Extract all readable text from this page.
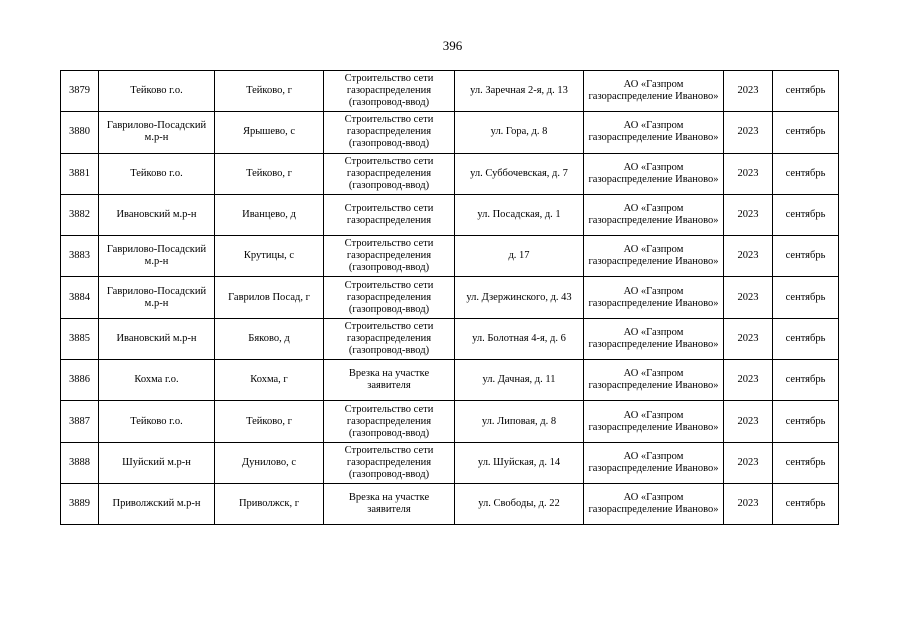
396
3879	Тейково г.о.	Тейково, г	Строительство сети газораспределения (газопровод-ввод)	ул. Заречная 2-я, д. 13	АО «Газпром газораспределение Иваново»	2023	сентябрь
3880	Гаврилово-Посадский м.р-н	Ярышево, с	Строительство сети газораспределения (газопровод-ввод)	ул. Гора, д. 8	АО «Газпром газораспределение Иваново»	2023	сентябрь
3881	Тейково г.о.	Тейково, г	Строительство сети газораспределения (газопровод-ввод)	ул. Суббочевская, д. 7	АО «Газпром газораспределение Иваново»	2023	сентябрь
3882	Ивановский м.р-н	Иванцево, д	Строительство сети газораспределения	ул. Посадская, д. 1	АО «Газпром газораспределение Иваново»	2023	сентябрь
3883	Гаврилово-Посадский м.р-н	Крутицы, с	Строительство сети газораспределения (газопровод-ввод)	д. 17	АО «Газпром газораспределение Иваново»	2023	сентябрь
3884	Гаврилово-Посадский м.р-н	Гаврилов Посад, г	Строительство сети газораспределения (газопровод-ввод)	ул. Дзержинского, д. 43	АО «Газпром газораспределение Иваново»	2023	сентябрь
3885	Ивановский м.р-н	Бяково, д	Строительство сети газораспределения (газопровод-ввод)	ул. Болотная 4-я, д. 6	АО «Газпром газораспределение Иваново»	2023	сентябрь
3886	Кохма г.о.	Кохма, г	Врезка на участке заявителя	ул. Дачная, д. 11	АО «Газпром газораспределение Иваново»	2023	сентябрь
3887	Тейково г.о.	Тейково, г	Строительство сети газораспределения (газопровод-ввод)	ул. Липовая, д. 8	АО «Газпром газораспределение Иваново»	2023	сентябрь
3888	Шуйский м.р-н	Дунилово, с	Строительство сети газораспределения (газопровод-ввод)	ул. Шуйская, д. 14	АО «Газпром газораспределение Иваново»	2023	сентябрь
3889	Приволжский м.р-н	Приволжск, г	Врезка на участке заявителя	ул. Свободы, д. 22	АО «Газпром газораспределение Иваново»	2023	сентябрь
